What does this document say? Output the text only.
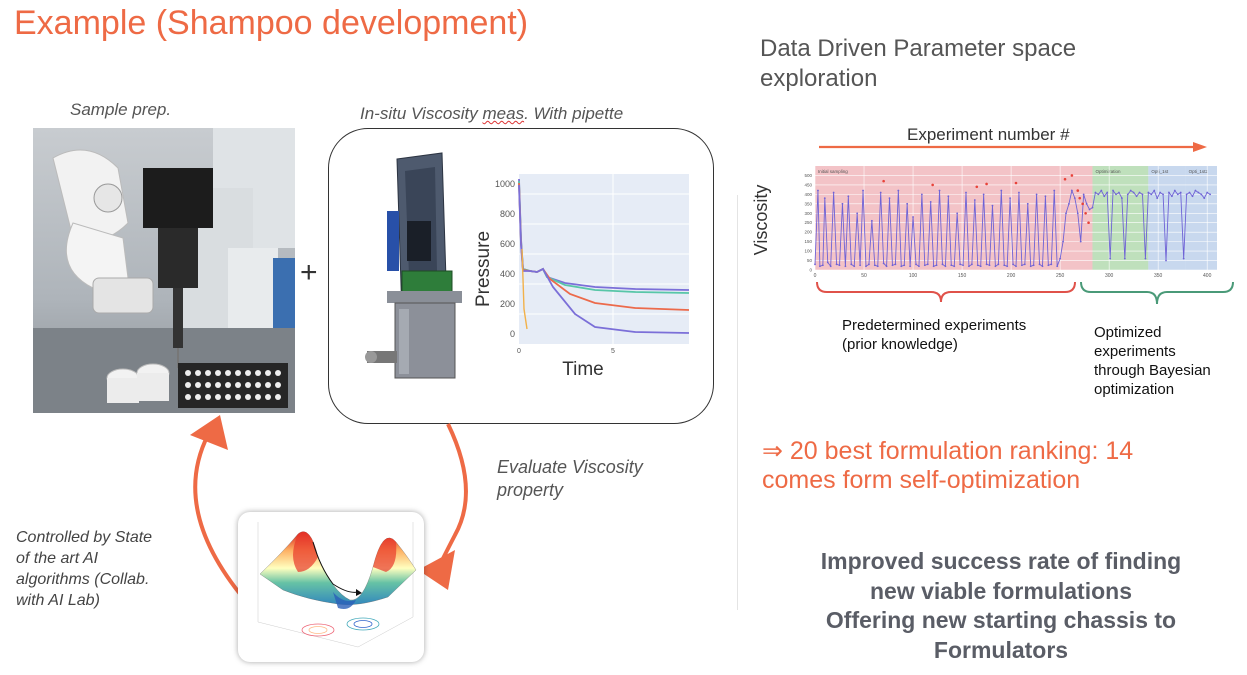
Example (Shampoo development)
Sample prep.	In-situ Viscosity meas. With pipette
+
1000
800
600
400
200
0
0	5
Pressure
Time
Evaluate Viscosity
property
Controlled by State
of the art AI
algorithms (Collab.
with AI Lab)
Data Driven Parameter space
exploration
Experiment number #
Viscosity
Initial sampling	Optimization	Opti_1st	Opti_1st2
0
50
100
150
200
250
300
350
400
450
500
0	50	100	150	200	250	300	350	400
Predetermined experiments
(prior knowledge)
Optimized
experiments
through Bayesian
optimization
⇒ 20 best formulation ranking: 14
comes form self-optimization
Improved success rate of finding
new viable formulations
Offering new starting chassis to
Formulators
